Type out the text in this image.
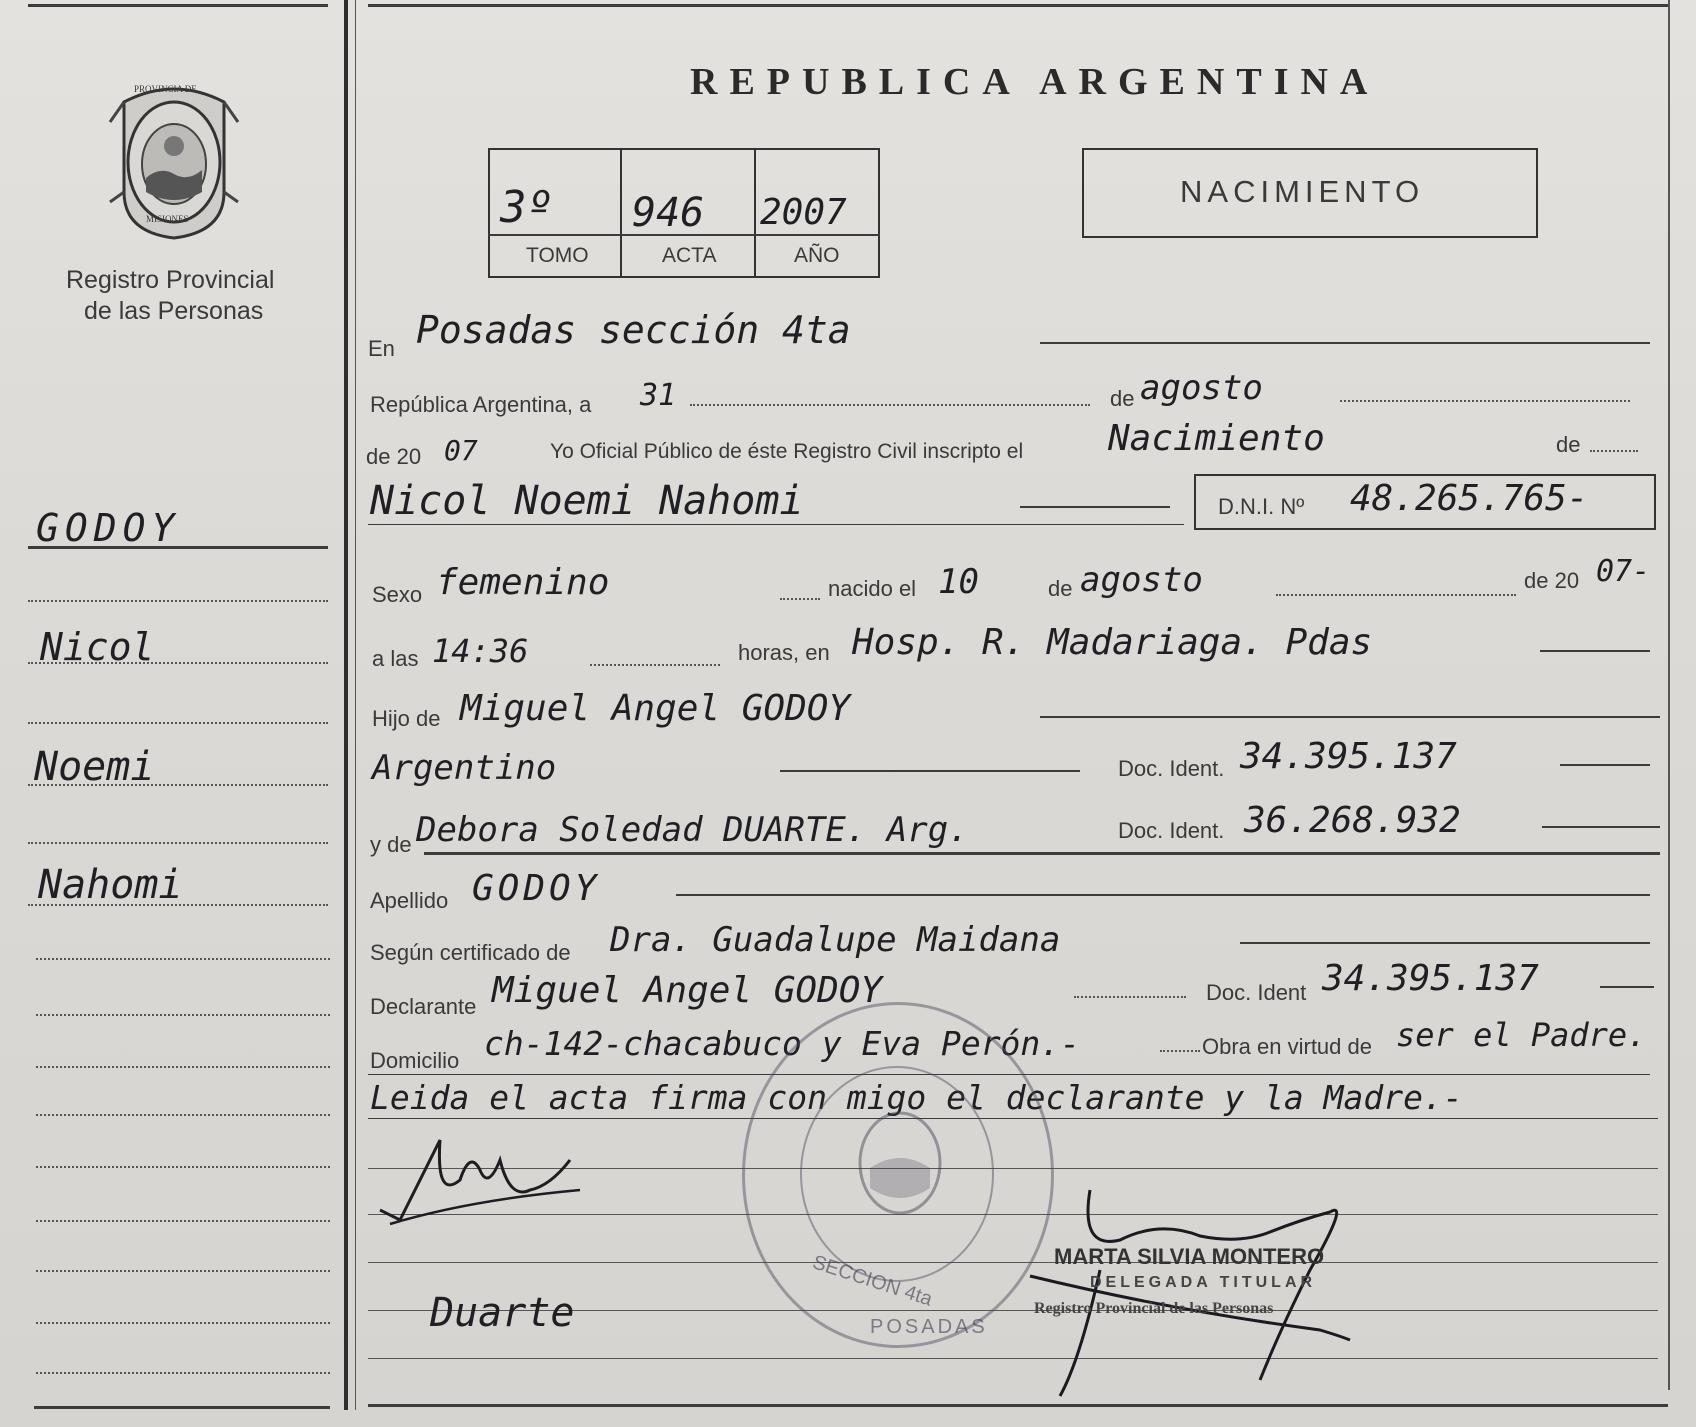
PROVINCIA DE
MISIONES
Registro Provincial
de las Personas
GODOY
Nicol
Noemi
Nahomi
REPUBLICA ARGENTINA
3º 946 2007
TOMO	ACTA	AÑO
NACIMIENTO
En Posadas sección 4ta
República Argentina, a 31	de agosto
de 20 07	Yo Oficial Público de éste Registro Civil inscripto el Nacimiento	de
Nicol Noemi Nahomi	D.N.I. Nº 48.265.765-
Sexo femenino	nacido el 10	de agosto	de 20 07-
a las 14:36	horas, en Hosp. R. Madariaga. Pdas
Hijo de Miguel Angel GODOY
Argentino	Doc. Ident. 34.395.137
y de Debora Soledad DUARTE. Arg.	Doc. Ident. 36.268.932
Apellido GODOY
Según certificado de Dra. Guadalupe Maidana
Declarante Miguel Angel GODOY	Doc. Ident 34.395.137
Domicilio ch-142-chacabuco y Eva Perón.-	Obra en virtud de ser el Padre.
Leida el acta firma con migo el declarante y la Madre.-
Duarte
SECCION 4ta
POSADAS
MARTA SILVIA MONTERO
DELEGADA TITULAR
Registro Provincial de las Personas
